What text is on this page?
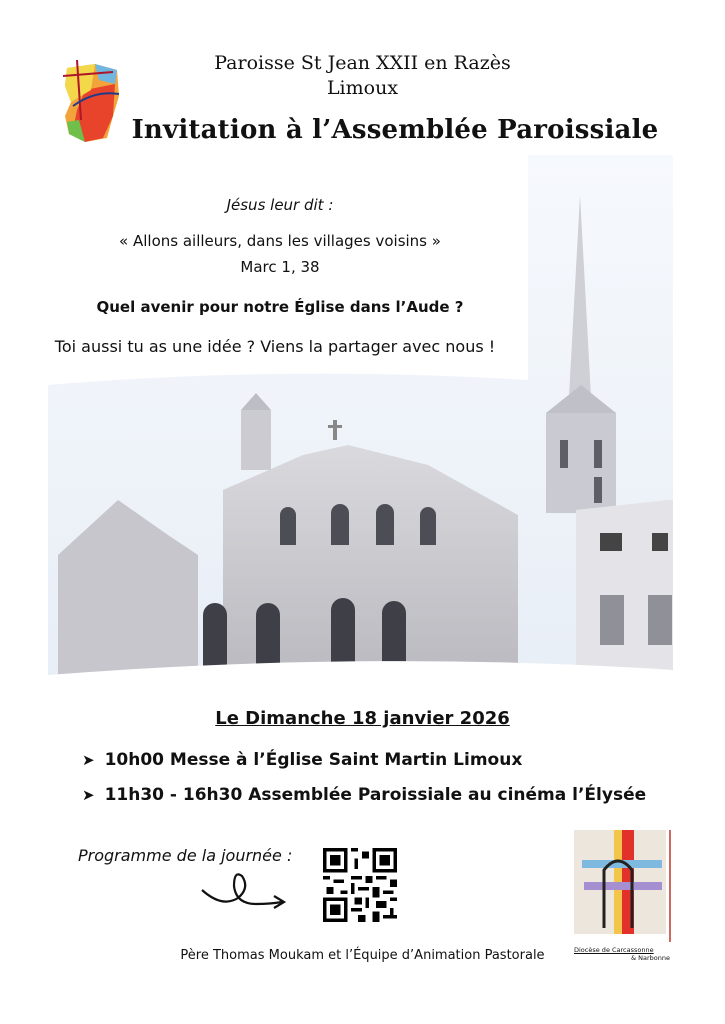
Paroisse St Jean XXII en Razès
Limoux
Invitation à l’Assemblée Paroissiale
Jésus leur dit :
« Allons ailleurs, dans les villages voisins »
Marc 1, 38
Quel avenir pour notre Église dans l’Aude ?
Toi aussi tu as une idée ? Viens la partager avec nous !
Le Dimanche 18 janvier 2026
➤ 10h00 Messe à l’Église Saint Martin Limoux
➤ 11h30 - 16h30 Assemblée Paroissiale au cinéma l’Élysée
Programme de la journée :
Diocèse de Carcassonne
& Narbonne
Père Thomas Moukam et l’Équipe d’Animation Pastorale
